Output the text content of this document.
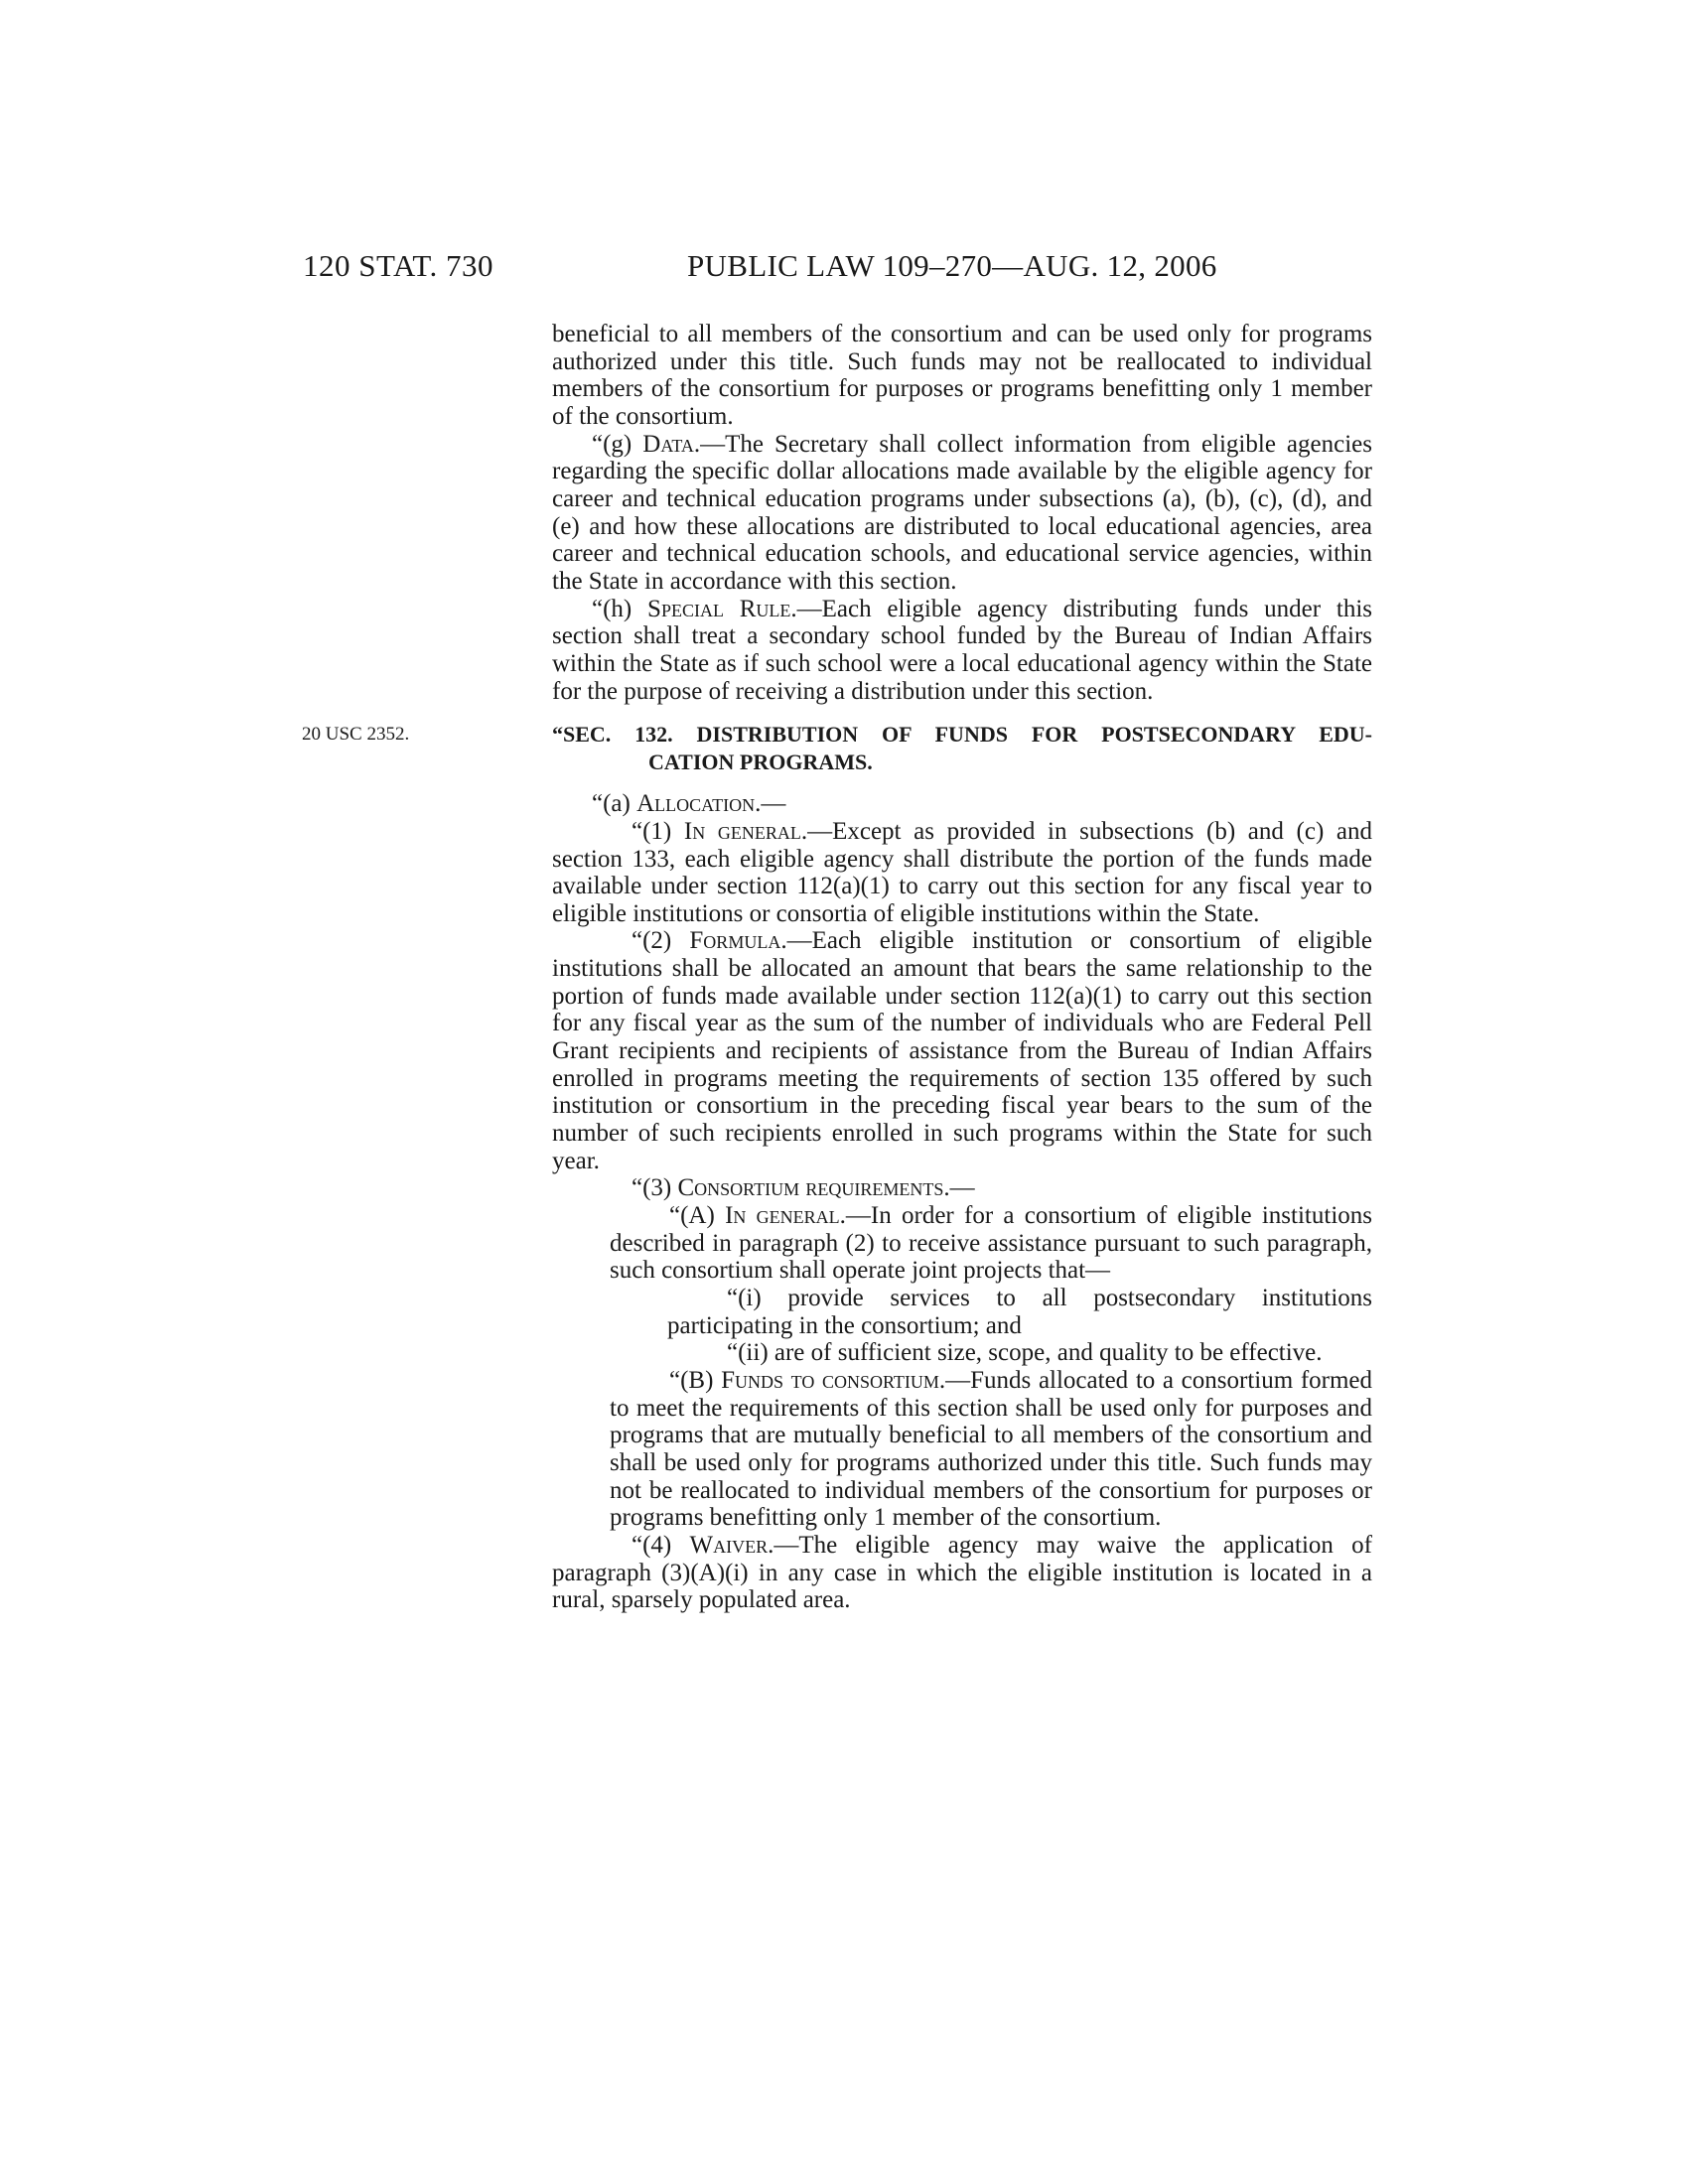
120 STAT. 730	PUBLIC LAW 109–270—AUG. 12, 2006

beneficial to all members of the consortium and can be used only for programs authorized under this title. Such funds may not be reallocated to individual members of the consortium for purposes or programs benefitting only 1 member of the consortium.

“(g) Data.—The Secretary shall collect information from eligible agencies regarding the specific dollar allocations made available by the eligible agency for career and technical education programs under subsections (a), (b), (c), (d), and (e) and how these allocations are distributed to local educational agencies, area career and technical education schools, and educational service agencies, within the State in accordance with this section.

“(h) Special Rule.—Each eligible agency distributing funds under this section shall treat a secondary school funded by the Bureau of Indian Affairs within the State as if such school were a local educational agency within the State for the purpose of receiving a distribution under this section.

20 USC 2352.	“SEC. 132. DISTRIBUTION OF FUNDS FOR POSTSECONDARY EDU-
CATION PROGRAMS.

“(a) Allocation.—

“(1) In general.—Except as provided in subsections (b) and (c) and section 133, each eligible agency shall distribute the portion of the funds made available under section 112(a)(1) to carry out this section for any fiscal year to eligible institutions or consortia of eligible institutions within the State.

“(2) Formula.—Each eligible institution or consortium of eligible institutions shall be allocated an amount that bears the same relationship to the portion of funds made available under section 112(a)(1) to carry out this section for any fiscal year as the sum of the number of individuals who are Federal Pell Grant recipients and recipients of assistance from the Bureau of Indian Affairs enrolled in programs meeting the requirements of section 135 offered by such institution or consortium in the preceding fiscal year bears to the sum of the number of such recipients enrolled in such programs within the State for such year.

“(3) Consortium requirements.—

“(A) In general.—In order for a consortium of eligible institutions described in paragraph (2) to receive assistance pursuant to such paragraph, such consortium shall operate joint projects that—

“(i) provide services to all postsecondary institutions participating in the consortium; and

“(ii) are of sufficient size, scope, and quality to be effective.

“(B) Funds to consortium.—Funds allocated to a consortium formed to meet the requirements of this section shall be used only for purposes and programs that are mutually beneficial to all members of the consortium and shall be used only for programs authorized under this title. Such funds may not be reallocated to individual members of the consortium for purposes or programs benefitting only 1 member of the consortium.

“(4) Waiver.—The eligible agency may waive the application of paragraph (3)(A)(i) in any case in which the eligible institution is located in a rural, sparsely populated area.
